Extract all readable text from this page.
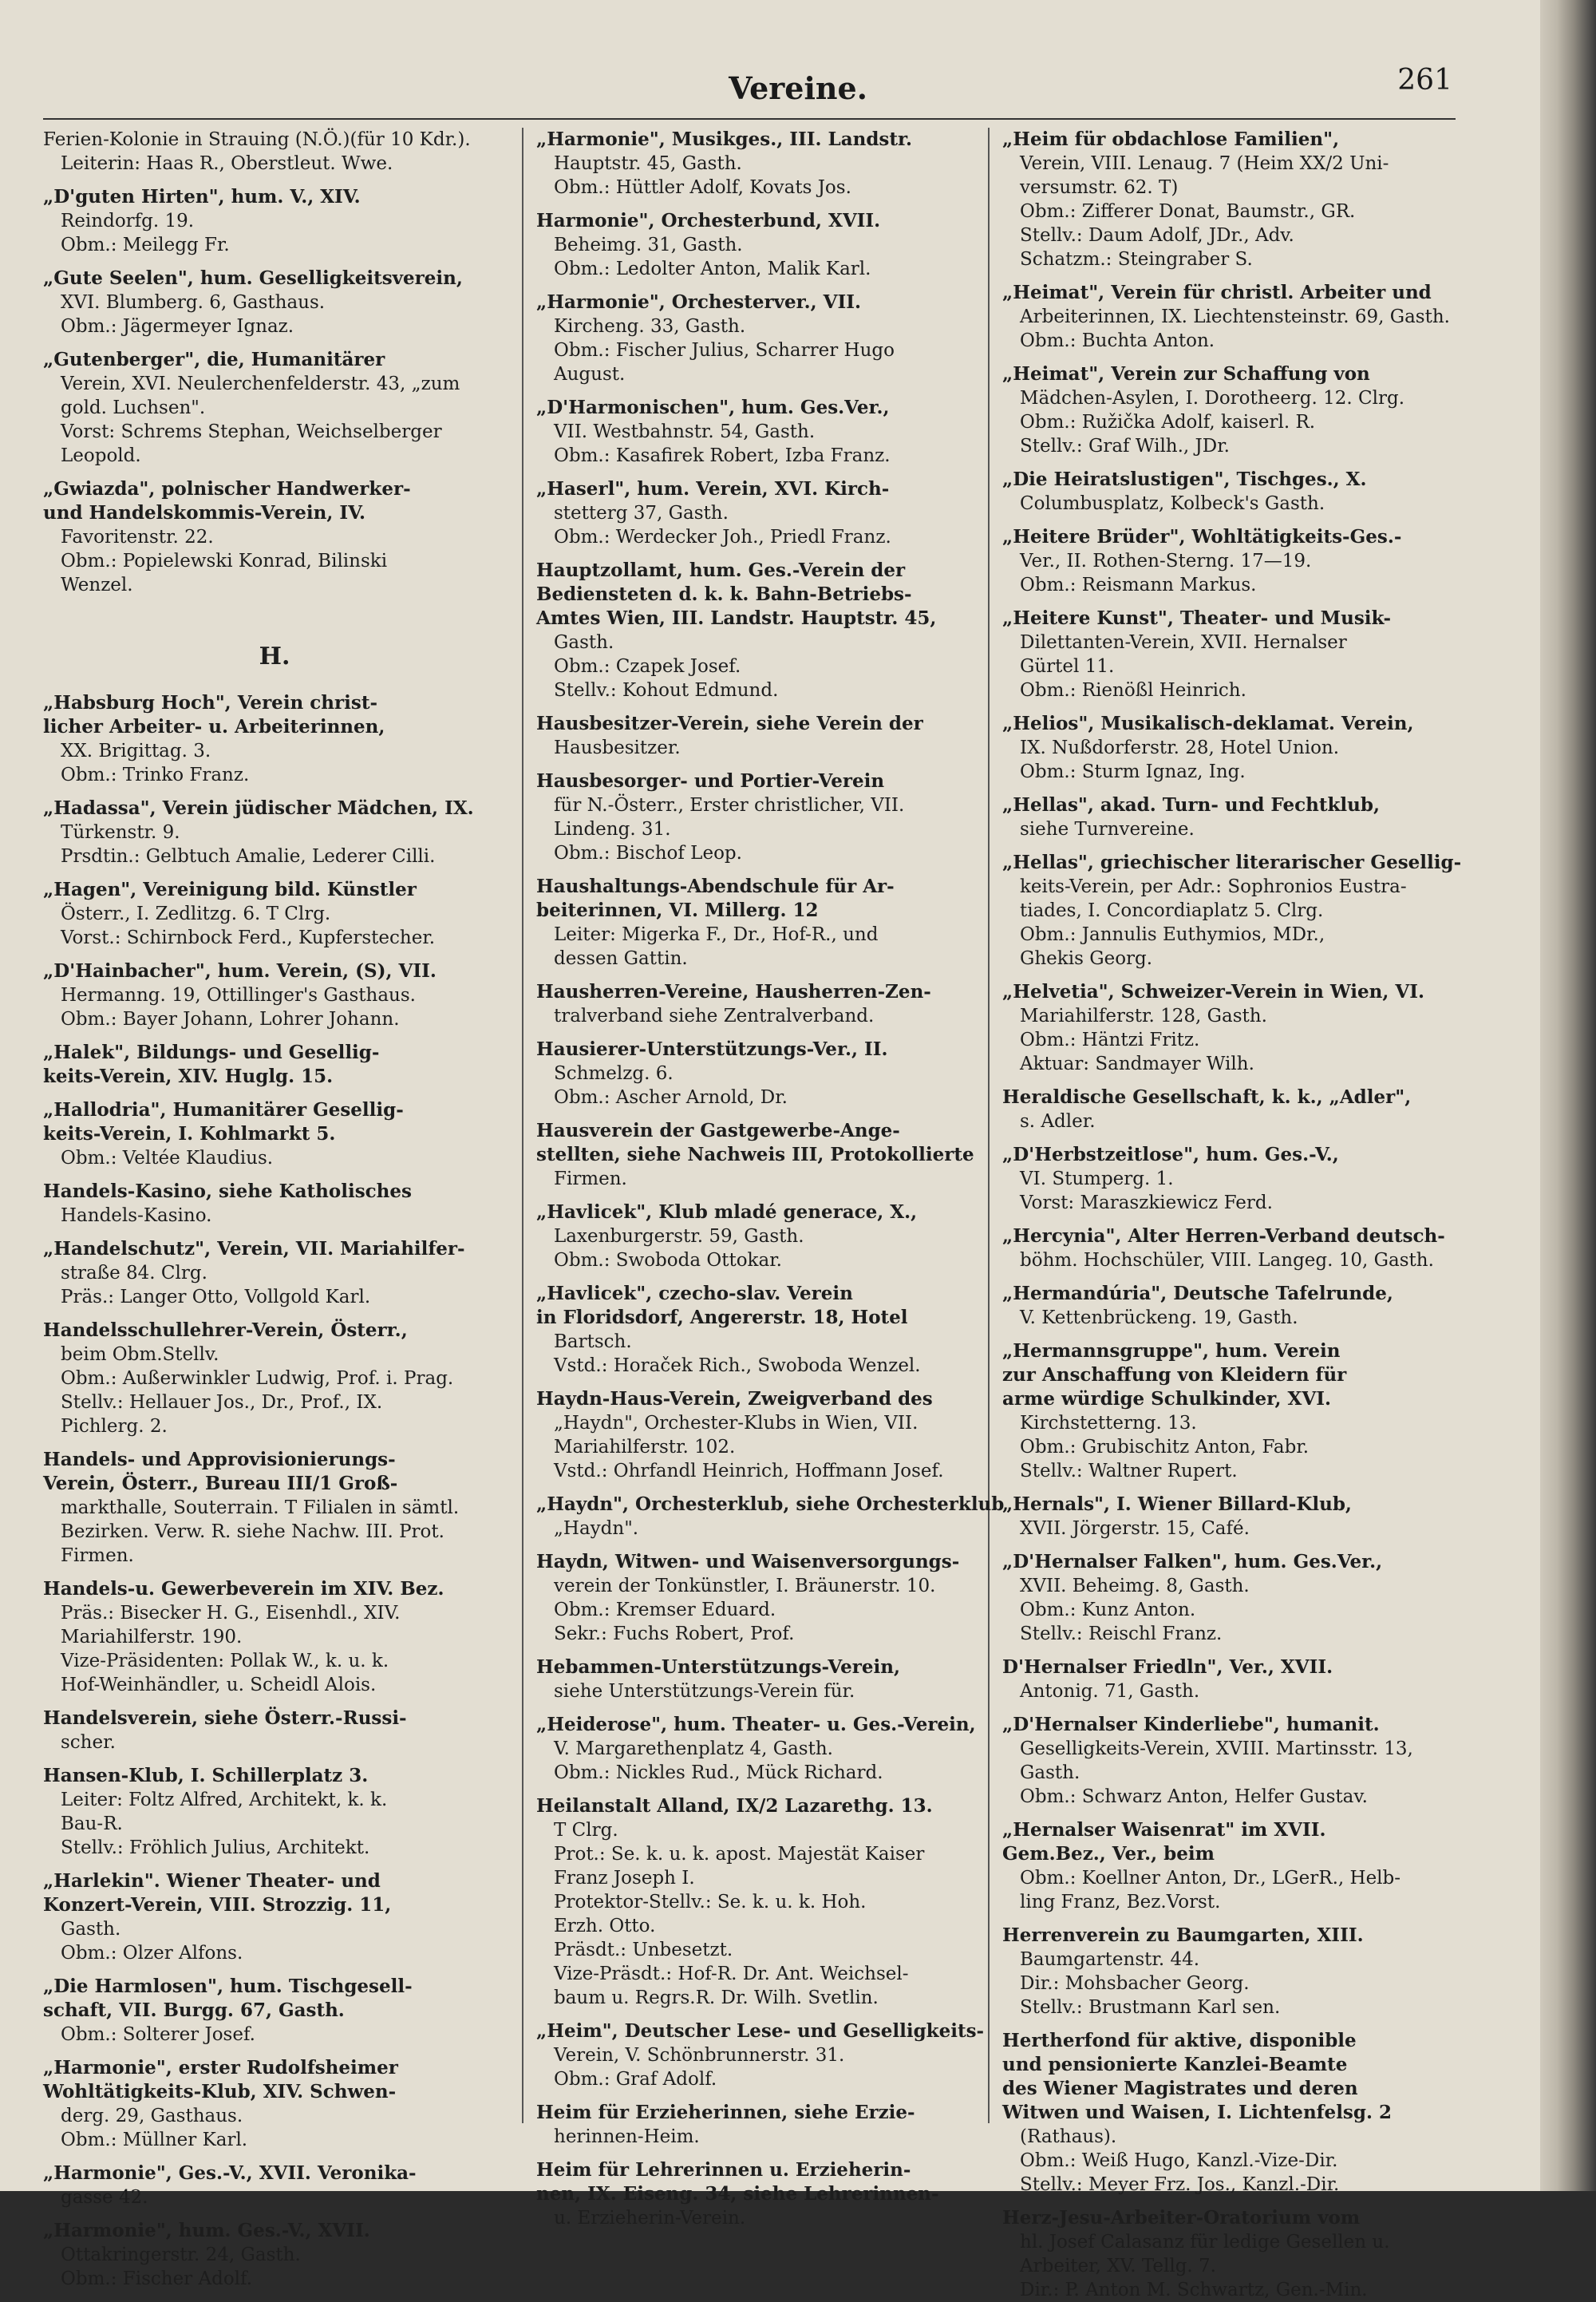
Vereine.	261
Ferien-Kolonie in Strauing (N.Ö.)(für 10 Kdr.).
Leiterin: Haas R., Oberstleut. Wwe.
„D'guten Hirten", hum. V., XIV.
Reindorfg. 19.
Obm.: Meilegg Fr.
„Gute Seelen", hum. Geselligkeitsverein,
XVI. Blumberg. 6, Gasthaus.
Obm.: Jägermeyer Ignaz.
„Gutenberger", die, Humanitärer
Verein, XVI. Neulerchenfelderstr. 43, „zum
gold. Luchsen".
Vorst: Schrems Stephan, Weichselberger
Leopold.
„Gwiazda", polnischer Handwerker-
und Handelskommis-Verein, IV.
Favoritenstr. 22.
Obm.: Popielewski Konrad, Bilinski
Wenzel.
H.
„Habsburg Hoch", Verein christ-
licher Arbeiter- u. Arbeiterinnen,
XX. Brigittag. 3.
Obm.: Trinko Franz.
„Hadassa", Verein jüdischer Mädchen, IX.
Türkenstr. 9.
Prsdtin.: Gelbtuch Amalie, Lederer Cilli.
„Hagen", Vereinigung bild. Künstler
Österr., I. Zedlitzg. 6. T Clrg.
Vorst.: Schirnbock Ferd., Kupferstecher.
„D'Hainbacher", hum. Verein, (S), VII.
Hermanng. 19, Ottillinger's Gasthaus.
Obm.: Bayer Johann, Lohrer Johann.
„Halek", Bildungs- und Gesellig-
keits-Verein, XIV. Huglg. 15.
„Hallodria", Humanitärer Gesellig-
keits-Verein, I. Kohlmarkt 5.
Obm.: Veltée Klaudius.
Handels-Kasino, siehe Katholisches
Handels-Kasino.
„Handelschutz", Verein, VII. Mariahilfer-
straße 84. Clrg.
Präs.: Langer Otto, Vollgold Karl.
Handelsschullehrer-Verein, Österr.,
beim Obm.Stellv.
Obm.: Außerwinkler Ludwig, Prof. i. Prag.
Stellv.: Hellauer Jos., Dr., Prof., IX.
Pichlerg. 2.
Handels- und Approvisionierungs-
Verein, Österr., Bureau III/1 Groß-
markthalle, Souterrain. T Filialen in sämtl.
Bezirken. Verw. R. siehe Nachw. III. Prot.
Firmen.
Handels-u. Gewerbeverein im XIV. Bez.
Präs.: Bisecker H. G., Eisenhdl., XIV.
Mariahilferstr. 190.
Vize-Präsidenten: Pollak W., k. u. k.
Hof-Weinhändler, u. Scheidl Alois.
Handelsverein, siehe Österr.-Russi-
scher.
Hansen-Klub, I. Schillerplatz 3.
Leiter: Foltz Alfred, Architekt, k. k.
Bau-R.
Stellv.: Fröhlich Julius, Architekt.
„Harlekin". Wiener Theater- und
Konzert-Verein, VIII. Strozzig. 11,
Gasth.
Obm.: Olzer Alfons.
„Die Harmlosen", hum. Tischgesell-
schaft, VII. Burgg. 67, Gasth.
Obm.: Solterer Josef.
„Harmonie", erster Rudolfsheimer
Wohltätigkeits-Klub, XIV. Schwen-
derg. 29, Gasthaus.
Obm.: Müllner Karl.
„Harmonie", Ges.-V., XVII. Veronika-
gasse 42.
„Harmonie", hum. Ges.-V., XVII.
Ottakringerstr. 24, Gasth.
Obm.: Fischer Adolf.
„Harmonie", Musikges., III. Landstr.
Hauptstr. 45, Gasth.
Obm.: Hüttler Adolf, Kovats Jos.
Harmonie", Orchesterbund, XVII.
Beheimg. 31, Gasth.
Obm.: Ledolter Anton, Malik Karl.
„Harmonie", Orchesterver., VII.
Kircheng. 33, Gasth.
Obm.: Fischer Julius, Scharrer Hugo
August.
„D'Harmonischen", hum. Ges.Ver.,
VII. Westbahnstr. 54, Gasth.
Obm.: Kasafirek Robert, Izba Franz.
„Haserl", hum. Verein, XVI. Kirch-
stetterg 37, Gasth.
Obm.: Werdecker Joh., Priedl Franz.
Hauptzollamt, hum. Ges.-Verein der
Bediensteten d. k. k. Bahn-Betriebs-
Amtes Wien, III. Landstr. Hauptstr. 45,
Gasth.
Obm.: Czapek Josef.
Stellv.: Kohout Edmund.
Hausbesitzer-Verein, siehe Verein der
Hausbesitzer.
Hausbesorger- und Portier-Verein
für N.-Österr., Erster christlicher, VII.
Lindeng. 31.
Obm.: Bischof Leop.
Haushaltungs-Abendschule für Ar-
beiterinnen, VI. Millerg. 12
Leiter: Migerka F., Dr., Hof-R., und
dessen Gattin.
Hausherren-Vereine, Hausherren-Zen-
tralverband siehe Zentralverband.
Hausierer-Unterstützungs-Ver., II.
Schmelzg. 6.
Obm.: Ascher Arnold, Dr.
Hausverein der Gastgewerbe-Ange-
stellten, siehe Nachweis III, Protokollierte
Firmen.
„Havlicek", Klub mladé generace, X.,
Laxenburgerstr. 59, Gasth.
Obm.: Swoboda Ottokar.
„Havlicek", czecho-slav. Verein
in Floridsdorf, Angererstr. 18, Hotel
Bartsch.
Vstd.: Horaček Rich., Swoboda Wenzel.
Haydn-Haus-Verein, Zweigverband des
„Haydn", Orchester-Klubs in Wien, VII.
Mariahilferstr. 102.
Vstd.: Ohrfandl Heinrich, Hoffmann Josef.
„Haydn", Orchesterklub, siehe Orchesterklub
„Haydn".
Haydn, Witwen- und Waisenversorgungs-
verein der Tonkünstler, I. Bräunerstr. 10.
Obm.: Kremser Eduard.
Sekr.: Fuchs Robert, Prof.
Hebammen-Unterstützungs-Verein,
siehe Unterstützungs-Verein für.
„Heiderose", hum. Theater- u. Ges.-Verein,
V. Margarethenplatz 4, Gasth.
Obm.: Nickles Rud., Mück Richard.
Heilanstalt Alland, IX/2 Lazarethg. 13.
T Clrg.
Prot.: Se. k. u. k. apost. Majestät Kaiser
Franz Joseph I.
Protektor-Stellv.: Se. k. u. k. Hoh.
Erzh. Otto.
Präsdt.: Unbesetzt.
Vize-Präsdt.: Hof-R. Dr. Ant. Weichsel-
baum u. Regrs.R. Dr. Wilh. Svetlin.
„Heim", Deutscher Lese- und Geselligkeits-
Verein, V. Schönbrunnerstr. 31.
Obm.: Graf Adolf.
Heim für Erzieherinnen, siehe Erzie-
herinnen-Heim.
Heim für Lehrerinnen u. Erzieherin-
nen, IX. Eiseng. 34, siehe Lehrerinnen-
u. Erzieherin-Verein.
„Heim für obdachlose Familien",
Verein, VIII. Lenaug. 7 (Heim XX/2 Uni-
versumstr. 62. T)
Obm.: Zifferer Donat, Baumstr., GR.
Stellv.: Daum Adolf, JDr., Adv.
Schatzm.: Steingraber S.
„Heimat", Verein für christl. Arbeiter und
Arbeiterinnen, IX. Liechtensteinstr. 69, Gasth.
Obm.: Buchta Anton.
„Heimat", Verein zur Schaffung von
Mädchen-Asylen, I. Dorotheerg. 12. Clrg.
Obm.: Ružička Adolf, kaiserl. R.
Stellv.: Graf Wilh., JDr.
„Die Heiratslustigen", Tischges., X.
Columbusplatz, Kolbeck's Gasth.
„Heitere Brüder", Wohltätigkeits-Ges.-
Ver., II. Rothen-Sterng. 17—19.
Obm.: Reismann Markus.
„Heitere Kunst", Theater- und Musik-
Dilettanten-Verein, XVII. Hernalser
Gürtel 11.
Obm.: Rienößl Heinrich.
„Helios", Musikalisch-deklamat. Verein,
IX. Nußdorferstr. 28, Hotel Union.
Obm.: Sturm Ignaz, Ing.
„Hellas", akad. Turn- und Fechtklub,
siehe Turnvereine.
„Hellas", griechischer literarischer Gesellig-
keits-Verein, per Adr.: Sophronios Eustra-
tiades, I. Concordiaplatz 5. Clrg.
Obm.: Jannulis Euthymios, MDr.,
Ghekis Georg.
„Helvetia", Schweizer-Verein in Wien, VI.
Mariahilferstr. 128, Gasth.
Obm.: Häntzi Fritz.
Aktuar: Sandmayer Wilh.
Heraldische Gesellschaft, k. k., „Adler",
s. Adler.
„D'Herbstzeitlose", hum. Ges.-V.,
VI. Stumperg. 1.
Vorst: Maraszkiewicz Ferd.
„Hercynia", Alter Herren-Verband deutsch-
böhm. Hochschüler, VIII. Langeg. 10, Gasth.
„Hermandúria", Deutsche Tafelrunde,
V. Kettenbrückeng. 19, Gasth.
„Hermannsgruppe", hum. Verein
zur Anschaffung von Kleidern für
arme würdige Schulkinder, XVI.
Kirchstetterng. 13.
Obm.: Grubischitz Anton, Fabr.
Stellv.: Waltner Rupert.
„Hernals", I. Wiener Billard-Klub,
XVII. Jörgerstr. 15, Café.
„D'Hernalser Falken", hum. Ges.Ver.,
XVII. Beheimg. 8, Gasth.
Obm.: Kunz Anton.
Stellv.: Reischl Franz.
D'Hernalser Friedln", Ver., XVII.
Antonig. 71, Gasth.
„D'Hernalser Kinderliebe", humanit.
Geselligkeits-Verein, XVIII. Martinsstr. 13,
Gasth.
Obm.: Schwarz Anton, Helfer Gustav.
„Hernalser Waisenrat" im XVII.
Gem.Bez., Ver., beim
Obm.: Koellner Anton, Dr., LGerR., Helb-
ling Franz, Bez.Vorst.
Herrenverein zu Baumgarten, XIII.
Baumgartenstr. 44.
Dir.: Mohsbacher Georg.
Stellv.: Brustmann Karl sen.
Hertherfond für aktive, disponible
und pensionierte Kanzlei-Beamte
des Wiener Magistrates und deren
Witwen und Waisen, I. Lichtenfelsg. 2
(Rathaus).
Obm.: Weiß Hugo, Kanzl.-Vize-Dir.
Stellv.: Meyer Frz. Jos., Kanzl.-Dir.
Herz-Jesu-Arbeiter-Oratorium vom
hl. Josef Calasanz für ledige Gesellen u.
Arbeiter, XV. Tellg. 7.
Dir.: P. Anton M. Schwartz, Gen.-Min.
